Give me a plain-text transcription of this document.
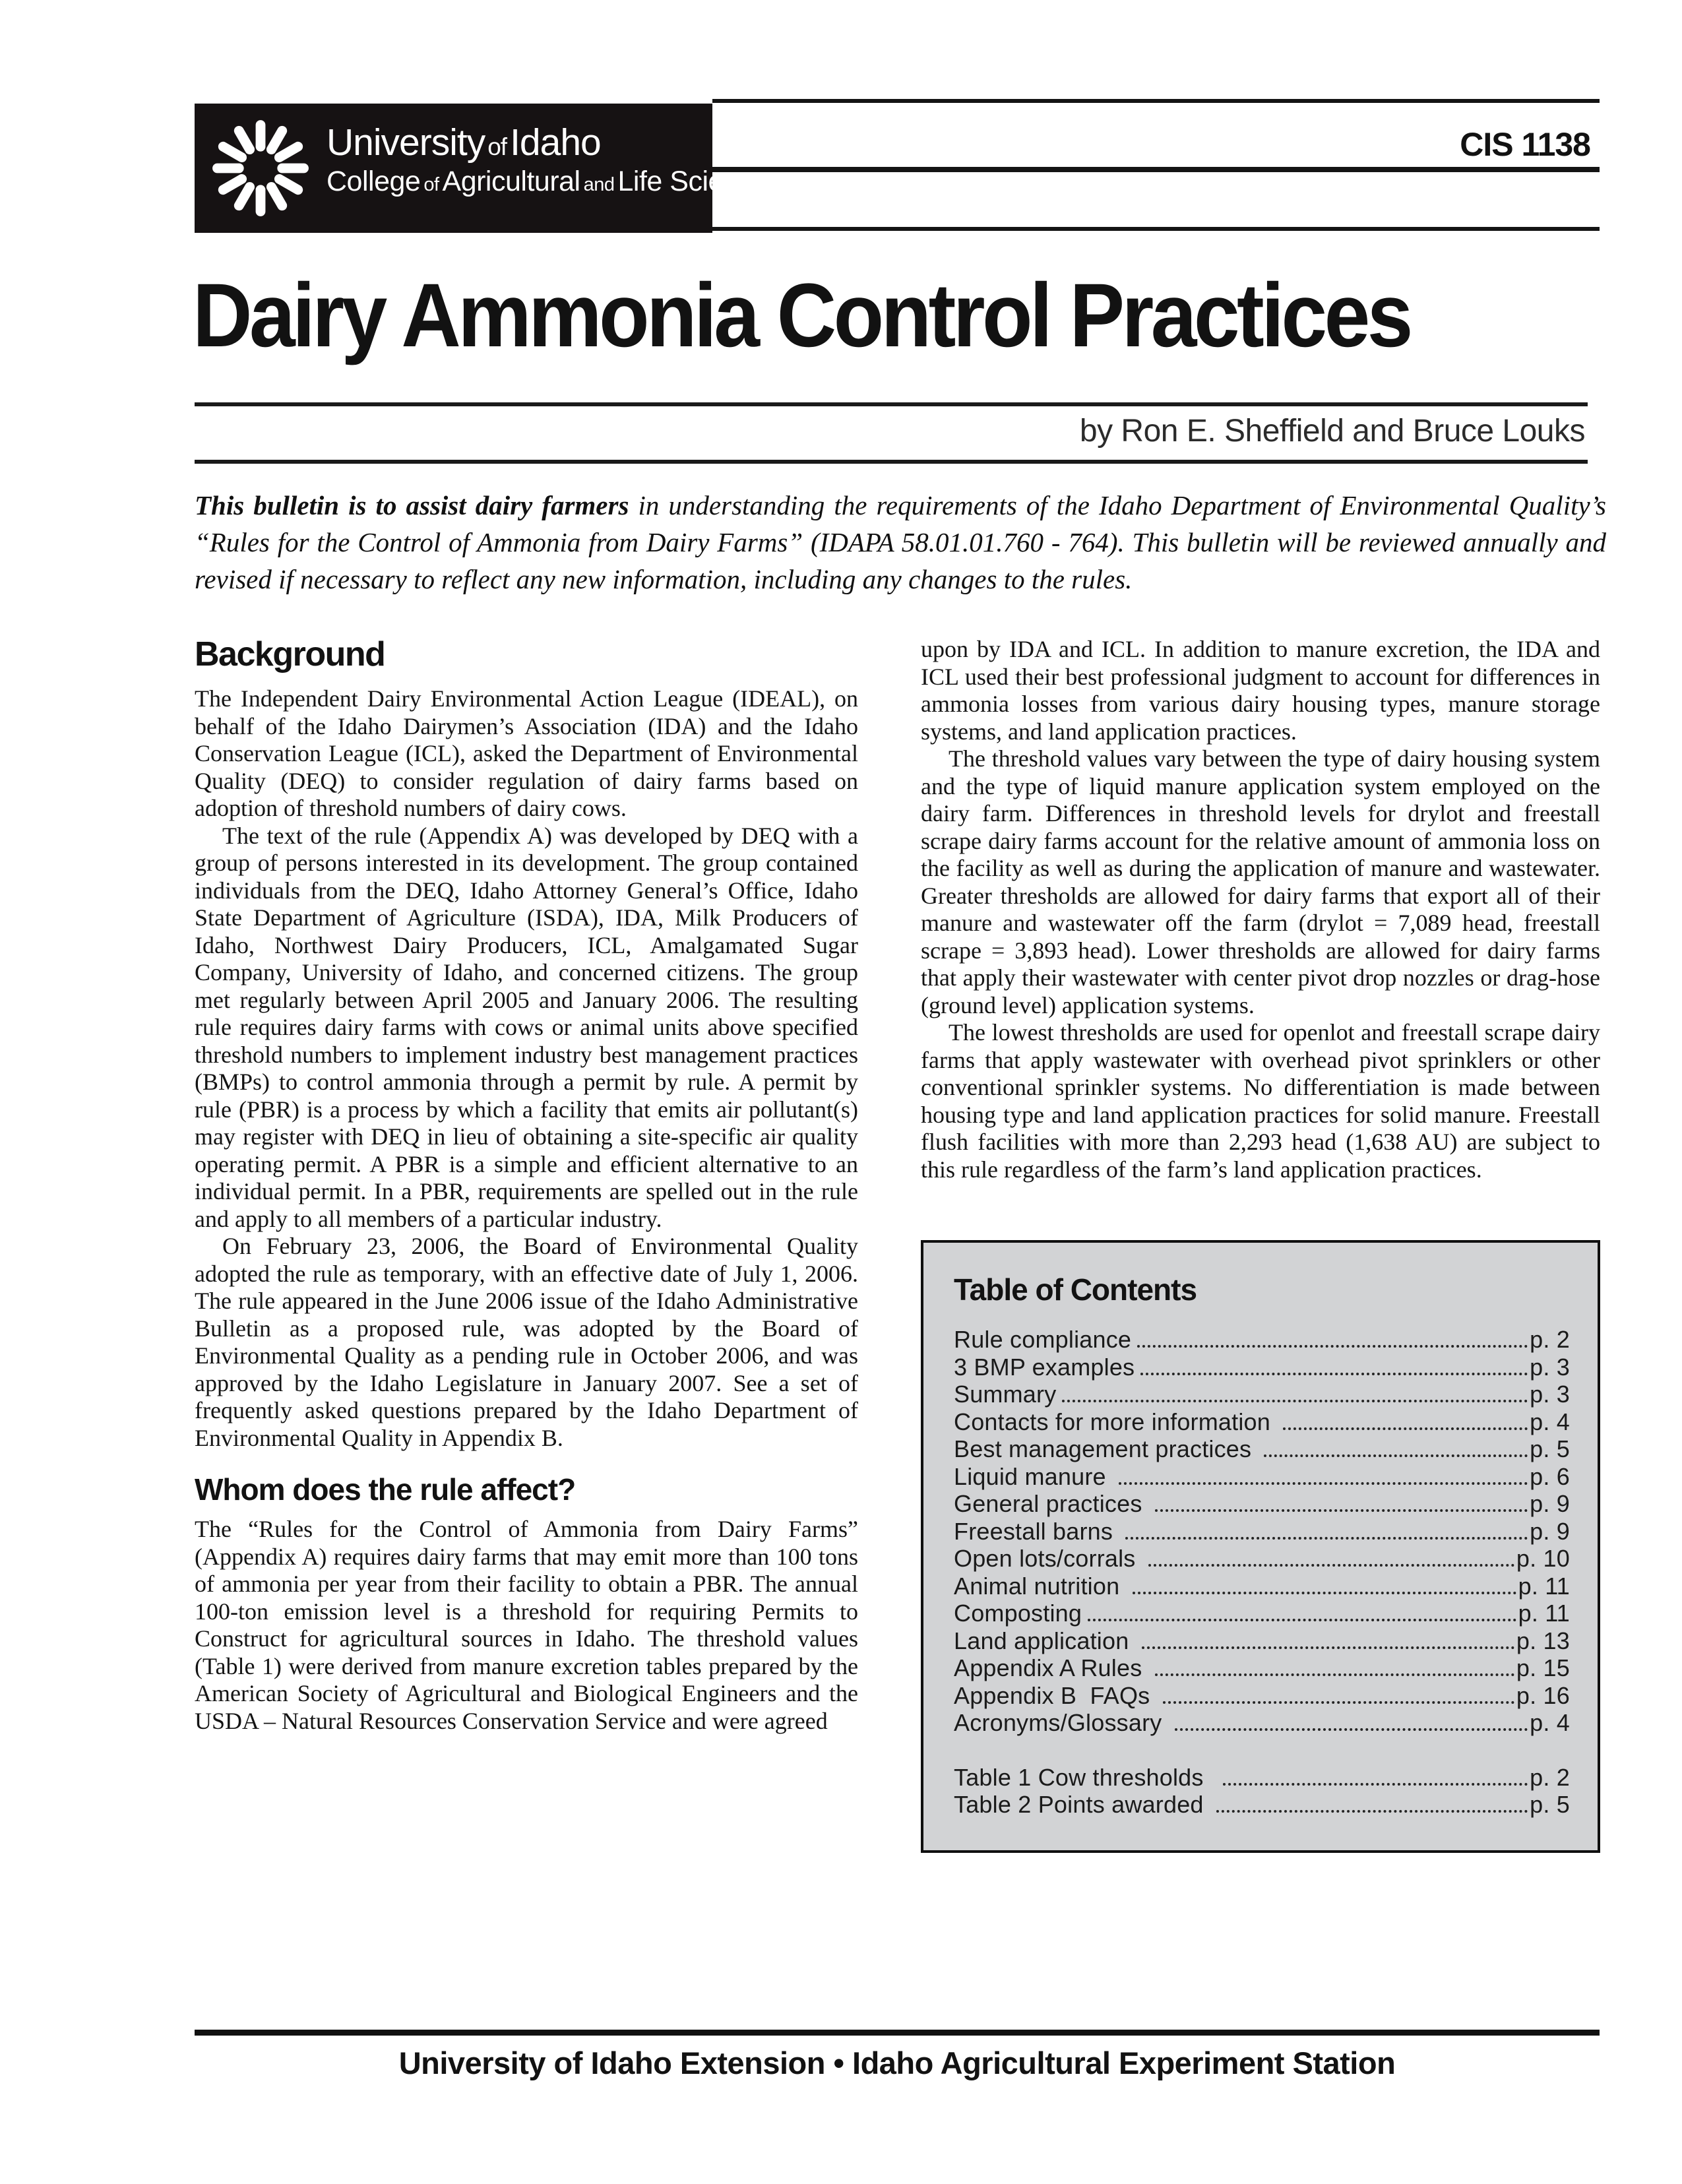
University ofIdaho
College of Agricultural and Life Sciences
CIS 1138
Dairy Ammonia Control Practices
by Ron E. Sheffield and Bruce Louks
This bulletin is to assist dairy farmers in understanding the requirements of the Idaho Department of Environmental Quality’s “Rules for the Control of Ammonia from Dairy Farms” (IDAPA 58.01.01.760 - 764). This bulletin will be reviewed annually and revised if necessary to reflect any new information, including any changes to the rules.
Background

The Independent Dairy Environmental Action League (IDEAL), on behalf of the Idaho Dairymen’s Association (IDA) and the Idaho Conservation League (ICL), asked the Department of Environmental Quality (DEQ) to consider regulation of dairy farms based on adoption of threshold numbers of dairy cows.

The text of the rule (Appendix A) was developed by DEQ with a group of persons interested in its development. The group contained individuals from the DEQ, Idaho Attorney General’s Office, Idaho State Department of Agriculture (ISDA), IDA, Milk Producers of Idaho, Northwest Dairy Producers, ICL, Amalgamated Sugar Company, University of Idaho, and concerned citizens. The group met regularly between April 2005 and January 2006. The resulting rule requires dairy farms with cows or animal units above specified threshold numbers to implement industry best management practices (BMPs) to control ammonia through a permit by rule. A permit by rule (PBR) is a process by which a facility that emits air pollutant(s) may register with DEQ in lieu of obtaining a site-specific air quality operating permit. A PBR is a simple and efficient alternative to an individual permit. In a PBR, requirements are spelled out in the rule and apply to all members of a particular industry.

On February 23, 2006, the Board of Environmental Quality adopted the rule as temporary, with an effective date of July 1, 2006. The rule appeared in the June 2006 issue of the Idaho Administrative Bulletin as a proposed rule, was adopted by the Board of Environmental Quality as a pending rule in October 2006, and was approved by the Idaho Legislature in January 2007. See a set of frequently asked questions prepared by the Idaho Department of Environmental Quality in Appendix B.

Whom does the rule affect?

The “Rules for the Control of Ammonia from Dairy Farms” (Appendix A) requires dairy farms that may emit more than 100 tons of ammonia per year from their facility to obtain a PBR. The annual 100-ton emission level is a threshold for requiring Permits to Construct for agricultural sources in Idaho. The threshold values (Table 1) were derived from manure excretion tables prepared by the American Society of Agricultural and Biological Engineers and the USDA – Natural Resources Conservation Service and were agreed

upon by IDA and ICL. In addition to manure excretion, the IDA and ICL used their best professional judgment to account for differences in ammonia losses from various dairy housing types, manure storage systems, and land application practices.

The threshold values vary between the type of dairy housing system and the type of liquid manure application system employed on the dairy farm. Differences in threshold levels for drylot and freestall scrape dairy farms account for the relative amount of ammonia loss on the facility as well as during the application of manure and wastewater. Greater thresholds are allowed for dairy farms that export all of their manure and wastewater off the farm (drylot = 7,089 head, freestall scrape = 3,893 head). Lower thresholds are allowed for dairy farms that apply their wastewater with center pivot drop nozzles or drag-hose (ground level) application systems.

The lowest thresholds are used for openlot and freestall scrape dairy farms that apply wastewater with overhead pivot sprinklers or other conventional sprinkler systems. No differentiation is made between housing type and land application practices for solid manure. Freestall flush facilities with more than 2,293 head (1,638 AU) are subject to this rule regardless of the farm’s land application practices.

Table of Contents
Rule compliance	p. 2
3 BMP examples	p. 3
Summary	p. 3
Contacts for more information	p. 4
Best management practices	p. 5
Liquid manure	p. 6
General practices	p. 9
Freestall barns	p. 9
Open lots/corrals	p. 10
Animal nutrition	p. 11
Composting	p. 11
Land application	p. 13
Appendix A Rules	p. 15
Appendix B  FAQs	p. 16
Acronyms/Glossary	p. 4
Table 1 Cow thresholds	p. 2
Table 2 Points awarded	p. 5
University of Idaho Extension • Idaho Agricultural Experiment Station
